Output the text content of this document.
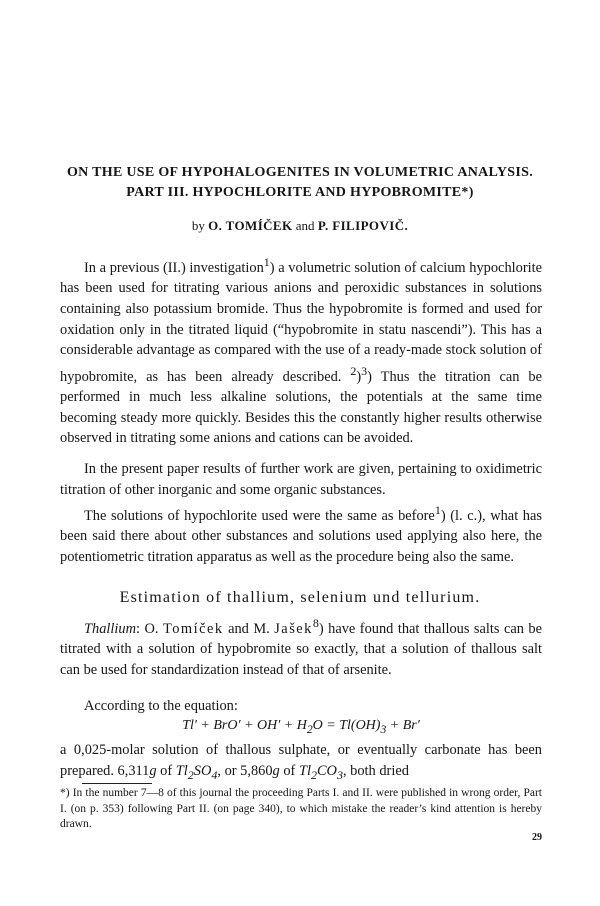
ON THE USE OF HYPOHALOGENITES IN VOLUMETRIC ANALYSIS.

PART III. HYPOCHLORITE AND HYPOBROMITE*)

by O. TOMÍČEK and P. FILIPOVIČ.

In a previous (II.) investigation$^1$) a volumetric solution of calcium hypochlorite has been used for titrating various anions and peroxidic substances in solutions containing also potassium bromide. Thus the hypobromite is formed and used for oxidation only in the titrated liquid (“hypobromite in statu nascendi”). This has a considerable advantage as compared with the use of a ready-made stock solution of hypobromite, as has been already described. $^2$)$^3$) Thus the titration can be performed in much less alkaline solutions, the potentials at the same time becoming steady more quickly. Besides this the constantly higher results otherwise observed in titrating some anions and cations can be avoided.

In the present paper results of further work are given, pertaining to oxidimetric titration of other inorganic and some organic substances.

The solutions of hypochlorite used were the same as before$^1$) (l. c.), what has been said there about other substances and solutions used applying also here, the potentiometric titration apparatus as well as the procedure being also the same.

Estimation of thallium, selenium und tellurium.

Thallium: O. Tomíček and M. Jašek$^8$) have found that thallous salts can be titrated with a solution of hypobromite so exactly, that a solution of thallous salt can be used for standardization instead of that of arsenite.

According to the equation:

$Tl' + BrO' + OH' + H_2O = Tl(OH)_3 + Br'$

a 0,025-molar solution of thallous sulphate, or eventually carbonate has been prepared. 6,311g of $Tl_2SO_4$, or 5,860g of $Tl_2CO_3$, both dried

*) In the number 7—8 of this journal the proceeding Parts I. and II. were published in wrong order, Part I. (on p. 353) following Part II. (on page 340), to which mistake the reader’s kind attention is hereby drawn.

29
